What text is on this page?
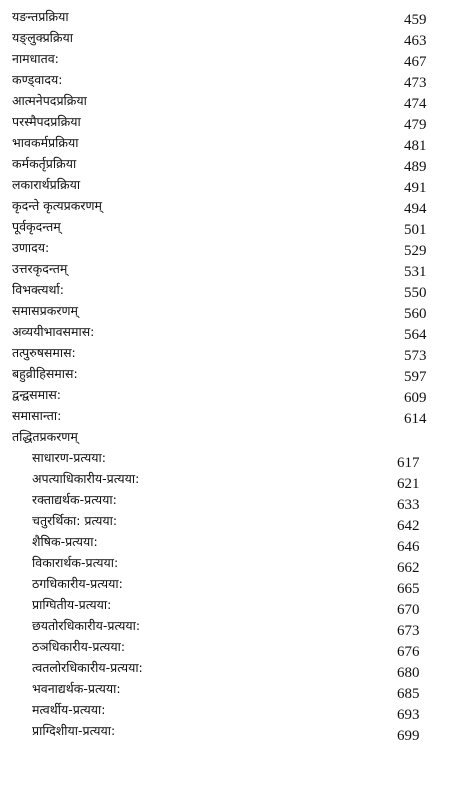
यङन्तप्रक्रिया	459
यङ्लुक्प्रक्रिया	463
नामधातव:	467
कण्ड्वादय:	473
आत्मनेपदप्रक्रिया	474
परस्मैपदप्रक्रिया	479
भावकर्मप्रक्रिया	481
कर्मकर्तृप्रक्रिया	489
लकारार्थप्रक्रिया	491
कृदन्ते कृत्यप्रकरणम्	494
पूर्वकृदन्तम्	501
उणादय:	529
उत्तरकृदन्तम्	531
विभक्त्यर्था:	550
समासप्रकरणम्	560
अव्ययीभावसमास:	564
तत्पुरुषसमास:	573
बहुव्रीहिसमास:	597
द्वन्द्वसमास:	609
समासान्ता:	614
तद्धितप्रकरणम्
साधारण-प्रत्यया:	617
अपत्याधिकारीय-प्रत्यया:	621
रक्ताद्यर्थक-प्रत्यया:	633
चतुरर्थिका: प्रत्यया:	642
शैषिक-प्रत्यया:	646
विकारार्थक-प्रत्यया:	662
ठगधिकारीय-प्रत्यया:	665
प्राग्घितीय-प्रत्यया:	670
छयतोरधिकारीय-प्रत्यया:	673
ठञधिकारीय-प्रत्यया:	676
त्वतलोरधिकारीय-प्रत्यया:	680
भवनाद्यर्थक-प्रत्यया:	685
मत्वर्थीय-प्रत्यया:	693
प्राग्दिशीया-प्रत्यया:	699
